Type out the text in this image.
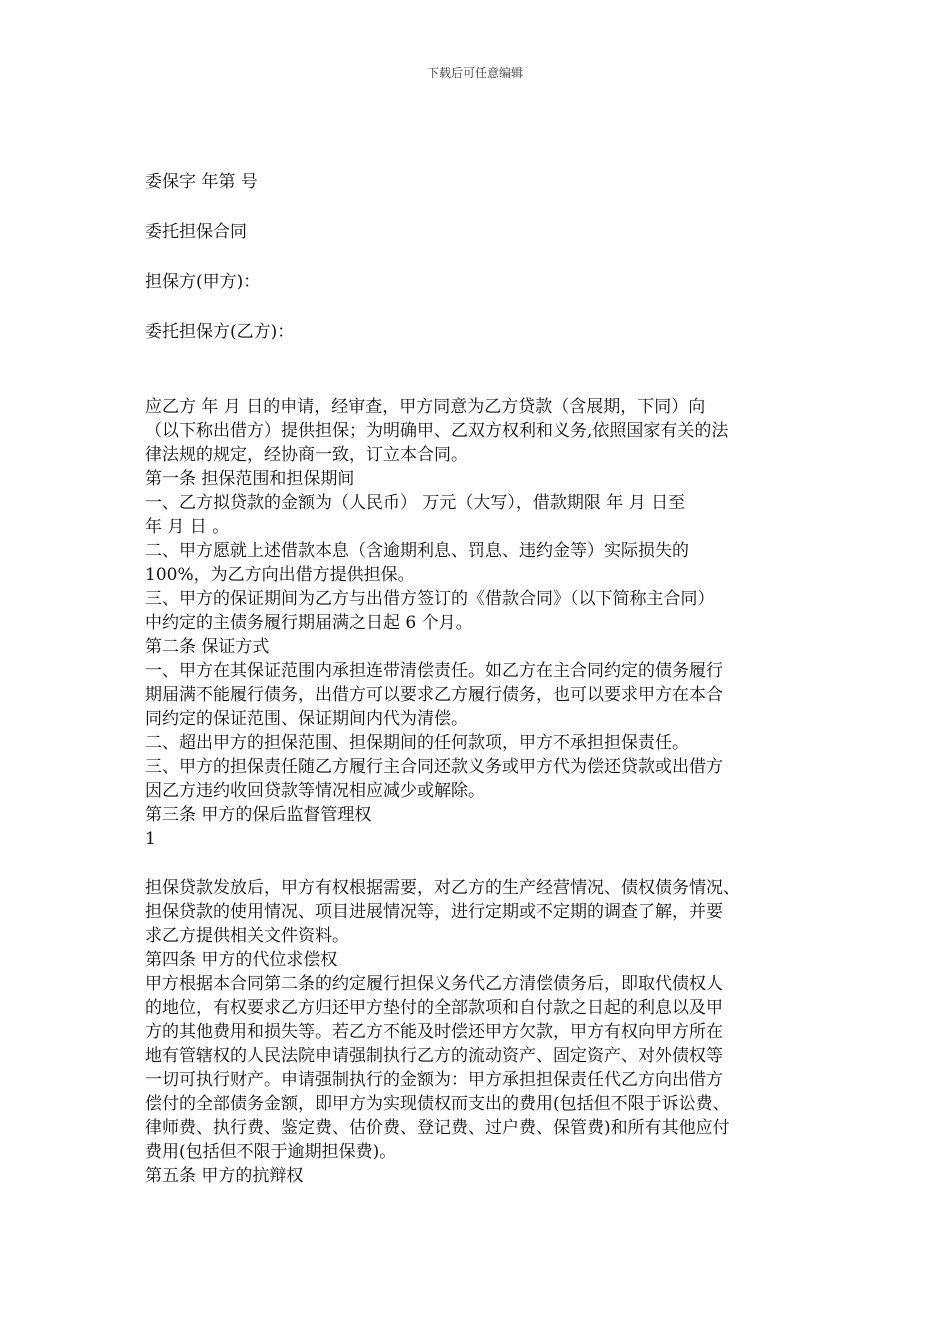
下载后可任意编辑

委保字 年第 号

委托担保合同

担保方(甲方)：

委托担保方(乙方)：

应乙方 年 月 日的申请，经审查，甲方同意为乙方贷款（含展期，下同）向

（以下称出借方）提供担保；为明确甲、乙双方权利和义务,依照国家有关的法

律法规的规定，经协商一致，订立本合同。

第一条 担保范围和担保期间

一、乙方拟贷款的金额为（人民币） 万元（大写），借款期限 年 月 日至

年 月 日 。

二、甲方愿就上述借款本息（含逾期利息、罚息、违约金等）实际损失的

100%，为乙方向出借方提供担保。

三、甲方的保证期间为乙方与出借方签订的《借款合同》（以下简称主合同）

中约定的主债务履行期届满之日起 6 个月。

第二条 保证方式

一、甲方在其保证范围内承担连带清偿责任。如乙方在主合同约定的债务履行

期届满不能履行债务，出借方可以要求乙方履行债务，也可以要求甲方在本合

同约定的保证范围、保证期间内代为清偿。

二、超出甲方的担保范围、担保期间的任何款项，甲方不承担担保责任。

三、甲方的担保责任随乙方履行主合同还款义务或甲方代为偿还贷款或出借方

因乙方违约收回贷款等情况相应减少或解除。

第三条 甲方的保后监督管理权

1

担保贷款发放后，甲方有权根据需要，对乙方的生产经营情况、债权债务情况、

担保贷款的使用情况、项目进展情况等，进行定期或不定期的调查了解，并要

求乙方提供相关文件资料。

第四条 甲方的代位求偿权

甲方根据本合同第二条的约定履行担保义务代乙方清偿债务后，即取代债权人

的地位，有权要求乙方归还甲方垫付的全部款项和自付款之日起的利息以及甲

方的其他费用和损失等。若乙方不能及时偿还甲方欠款，甲方有权向甲方所在

地有管辖权的人民法院申请强制执行乙方的流动资产、固定资产、对外债权等

一切可执行财产。申请强制执行的金额为：甲方承担担保责任代乙方向出借方

偿付的全部债务金额，即甲方为实现债权而支出的费用(包括但不限于诉讼费、

律师费、执行费、鉴定费、估价费、登记费、过户费、保管费)和所有其他应付

费用(包括但不限于逾期担保费)。

第五条 甲方的抗辩权
